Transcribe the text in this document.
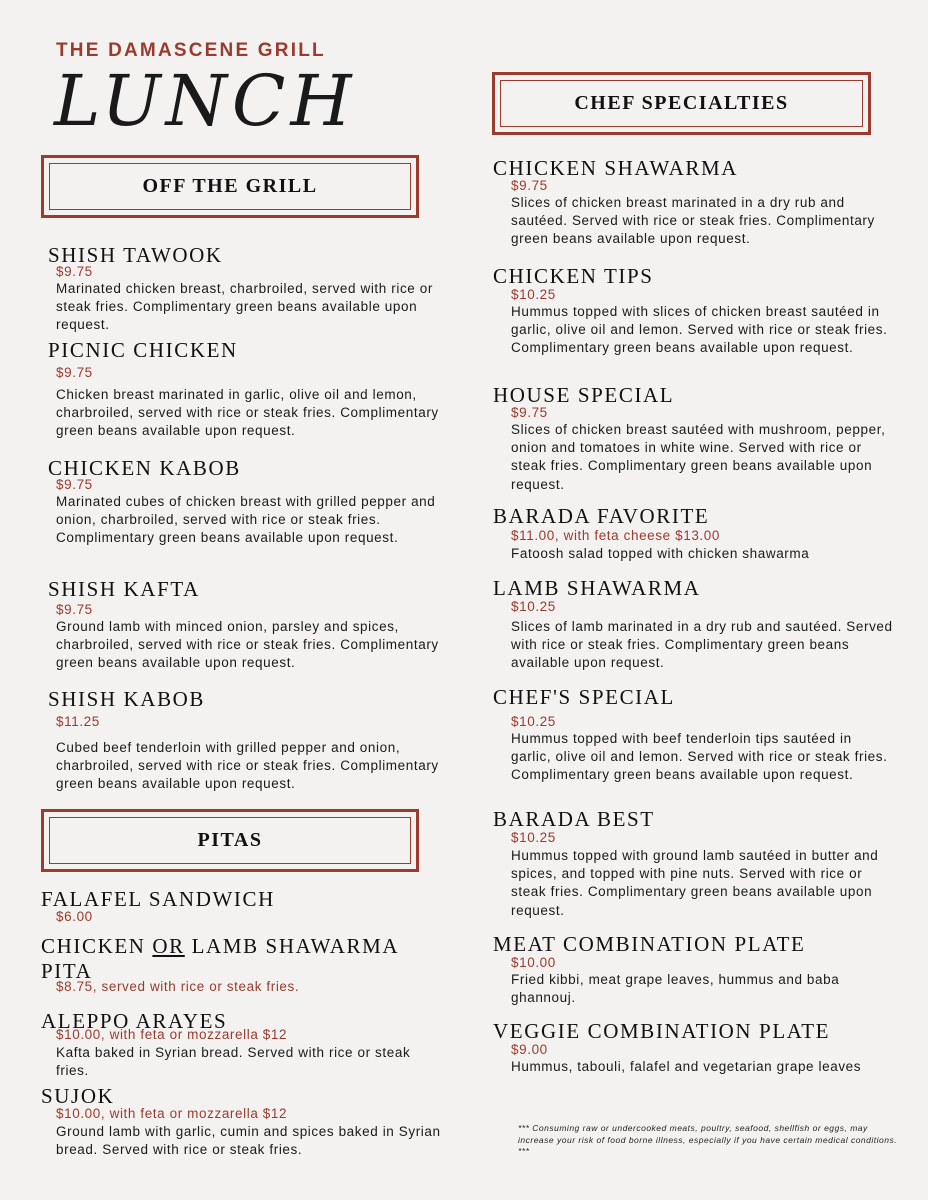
THE DAMASCENE GRILL
LUNCH
OFF THE GRILL
PITAS
CHEF SPECIALTIES
SHISH TAWOOK
$9.75
Marinated chicken breast, charbroiled, served with rice or steak fries. Complimentary green beans available upon request.
PICNIC CHICKEN
$9.75
Chicken breast marinated in garlic, olive oil and lemon, charbroiled, served with rice or steak fries. Complimentary green beans available upon request.
CHICKEN KABOB
$9.75
Marinated cubes of chicken breast with grilled pepper and onion, charbroiled, served with rice or steak fries. Complimentary green beans available upon request.
SHISH KAFTA
$9.75
Ground lamb with minced onion, parsley and spices, charbroiled, served with rice or steak fries. Complimentary green beans available upon request.
SHISH KABOB
$11.25
Cubed beef tenderloin with grilled pepper and onion, charbroiled, served with rice or steak fries. Complimentary green beans available upon request.
FALAFEL SANDWICH
$6.00
CHICKEN OR LAMB SHAWARMA
PITA
$8.75, served with rice or steak fries.
ALEPPO ARAYES
$10.00, with feta or mozzarella $12
Kafta baked in Syrian bread. Served with rice or steak fries.
SUJOK
$10.00, with feta or mozzarella $12
Ground lamb with garlic, cumin and spices baked in Syrian bread. Served with rice or steak fries.
CHICKEN SHAWARMA
$9.75
Slices of chicken breast marinated in a dry rub and sautéed. Served with rice or steak fries. Complimentary green beans available upon request.
CHICKEN TIPS
$10.25
Hummus topped with slices of chicken breast sautéed in garlic, olive oil and lemon. Served with rice or steak fries. Complimentary green beans available upon request.
HOUSE SPECIAL
$9.75
Slices of chicken breast sautéed with mushroom, pepper, onion and tomatoes in white wine. Served with rice or steak fries. Complimentary green beans available upon request.
BARADA FAVORITE
$11.00, with feta cheese $13.00
Fatoosh salad topped with chicken shawarma
LAMB SHAWARMA
$10.25
Slices of lamb marinated in a dry rub and sautéed. Served with rice or steak fries. Complimentary green beans available upon request.
CHEF'S SPECIAL
$10.25
Hummus topped with beef tenderloin tips sautéed in garlic, olive oil and lemon. Served with rice or steak fries. Complimentary green beans available upon request.
BARADA BEST
$10.25
Hummus topped with ground lamb sautéed in butter and spices, and topped with pine nuts. Served with rice or steak fries. Complimentary green beans available upon request.
MEAT COMBINATION PLATE
$10.00
Fried kibbi, meat grape leaves, hummus and baba ghannouj.
VEGGIE COMBINATION PLATE
$9.00
Hummus, tabouli, falafel and vegetarian grape leaves
*** Consuming raw or undercooked meats, poultry, seafood, shellfish or eggs, may increase your risk of food borne illness, especially if you have certain medical conditions. ***
